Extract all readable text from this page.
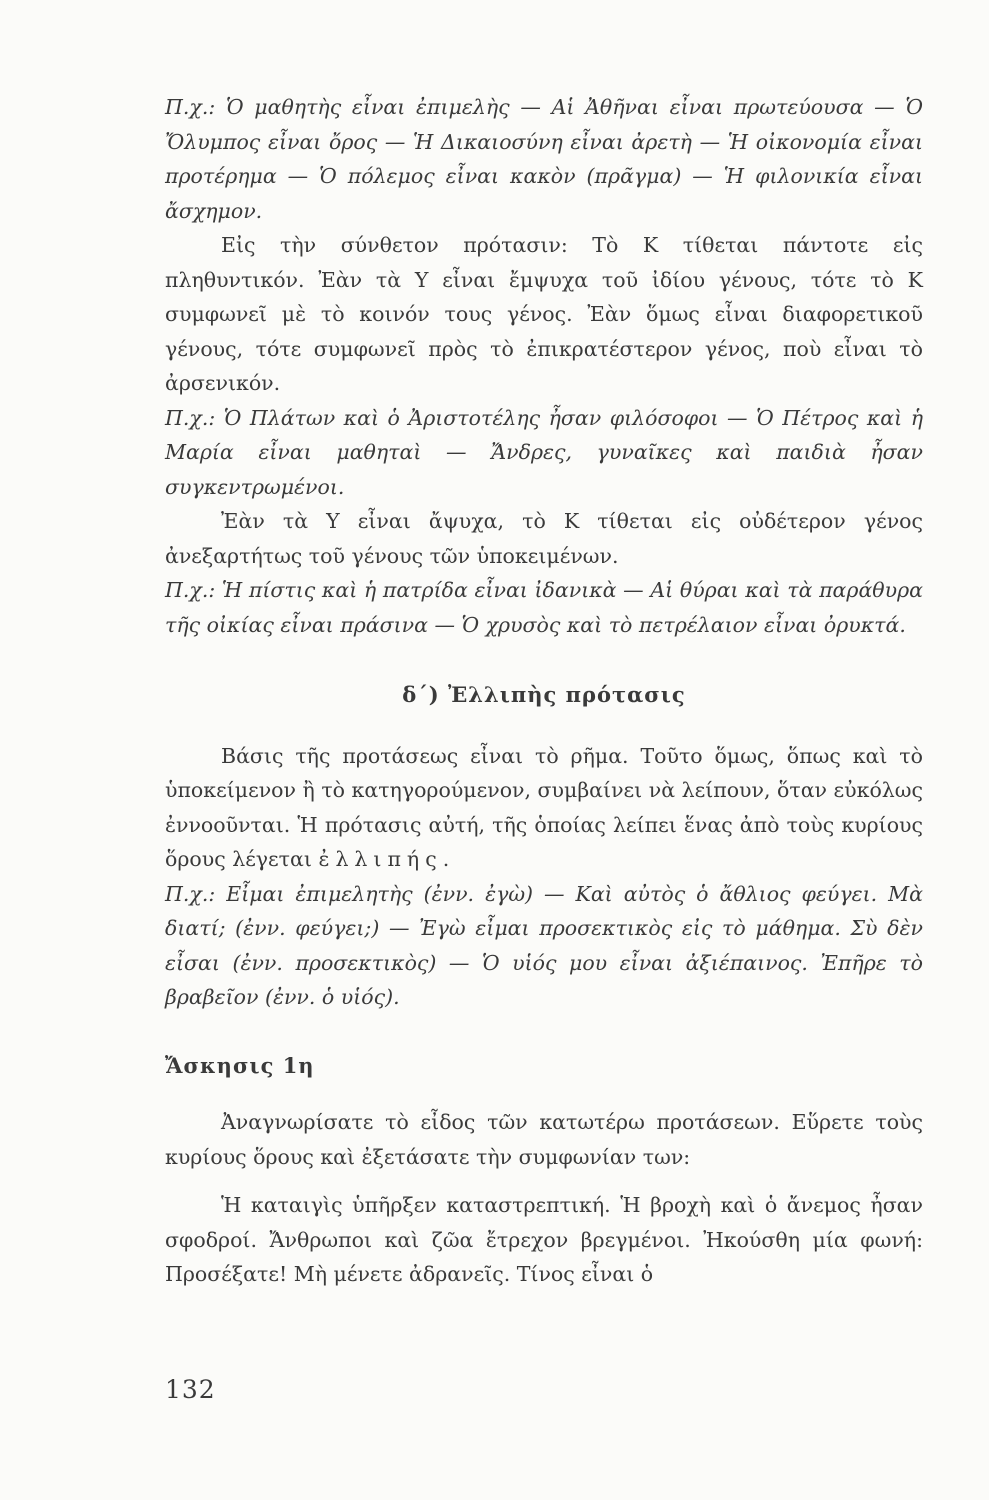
Π.χ.: Ὁ μαθητὴς εἶναι ἐπιμελὴς — Αἱ Ἀθῆναι εἶναι πρωτεύουσα — Ὁ Ὄλυμπος εἶναι ὄρος — Ἡ Δικαιοσύνη εἶναι ἀρετὴ — Ἡ οἰκονομία εἶναι προτέρημα — Ὁ πόλεμος εἶναι κακὸν (πρᾶγμα) — Ἡ φιλονικία εἶναι ἄσχημον.

Εἰς τὴν σύνθετον πρότασιν: Τὸ Κ τίθεται πάντοτε εἰς πληθυντικόν. Ἐὰν τὰ Υ εἶναι ἔμψυχα τοῦ ἰδίου γένους, τότε τὸ Κ συμφωνεῖ μὲ τὸ κοινόν τους γένος. Ἐὰν ὅμως εἶναι διαφορετικοῦ γένους, τότε συμφωνεῖ πρὸς τὸ ἐπικρατέστερον γένος, ποὺ εἶναι τὸ ἀρσενικόν.

Π.χ.: Ὁ Πλάτων καὶ ὁ Ἀριστοτέλης ἦσαν φιλόσοφοι — Ὁ Πέτρος καὶ ἡ Μαρία εἶναι μαθηταὶ — Ἄνδρες, γυναῖκες καὶ παιδιὰ ἦσαν συγκεντρωμένοι.

Ἐὰν τὰ Υ εἶναι ἄψυχα, τὸ Κ τίθεται εἰς οὐδέτερον γένος ἀνεξαρτήτως τοῦ γένους τῶν ὑποκειμένων.

Π.χ.: Ἡ πίστις καὶ ἡ πατρίδα εἶναι ἰδανικὰ — Αἱ θύραι καὶ τὰ παράθυρα τῆς οἰκίας εἶναι πράσινα — Ὁ χρυσὸς καὶ τὸ πετρέλαιον εἶναι ὀρυκτά.

δ΄) Ἐλλιπὴς πρότασις

Βάσις τῆς προτάσεως εἶναι τὸ ρῆμα. Τοῦτο ὅμως, ὅπως καὶ τὸ ὑποκείμενον ἢ τὸ κατηγορούμενον, συμβαίνει νὰ λείπουν, ὅταν εὐκόλως ἐννοοῦνται. Ἡ πρότασις αὐτή, τῆς ὁποίας λείπει ἕνας ἀπὸ τοὺς κυρίους ὅρους λέγεται ἐλλιπής.

Π.χ.: Εἶμαι ἐπιμελητὴς (ἐνν. ἐγὼ) — Καὶ αὐτὸς ὁ ἄθλιος φεύγει. Μὰ διατί; (ἐνν. φεύγει;) — Ἐγὼ εἶμαι προσεκτικὸς εἰς τὸ μάθημα. Σὺ δὲν εἶσαι (ἐνν. προσεκτικὸς) — Ὁ υἱός μου εἶναι ἀξιέπαινος. Ἐπῆρε τὸ βραβεῖον (ἐνν. ὁ υἱός).

Ἄσκησις 1η

Ἀναγνωρίσατε τὸ εἶδος τῶν κατωτέρω προτάσεων. Εὕρετε τοὺς κυρίους ὅρους καὶ ἐξετάσατε τὴν συμφωνίαν των:

Ἡ καταιγὶς ὑπῆρξεν καταστρεπτική. Ἡ βροχὴ καὶ ὁ ἄνεμος ἦσαν σφοδροί. Ἄνθρωποι καὶ ζῶα ἔτρεχον βρεγμένοι. Ἠκούσθη μία φωνή: Προσέξατε! Μὴ μένετε ἀδρανεῖς. Τίνος εἶναι ὁ

132
